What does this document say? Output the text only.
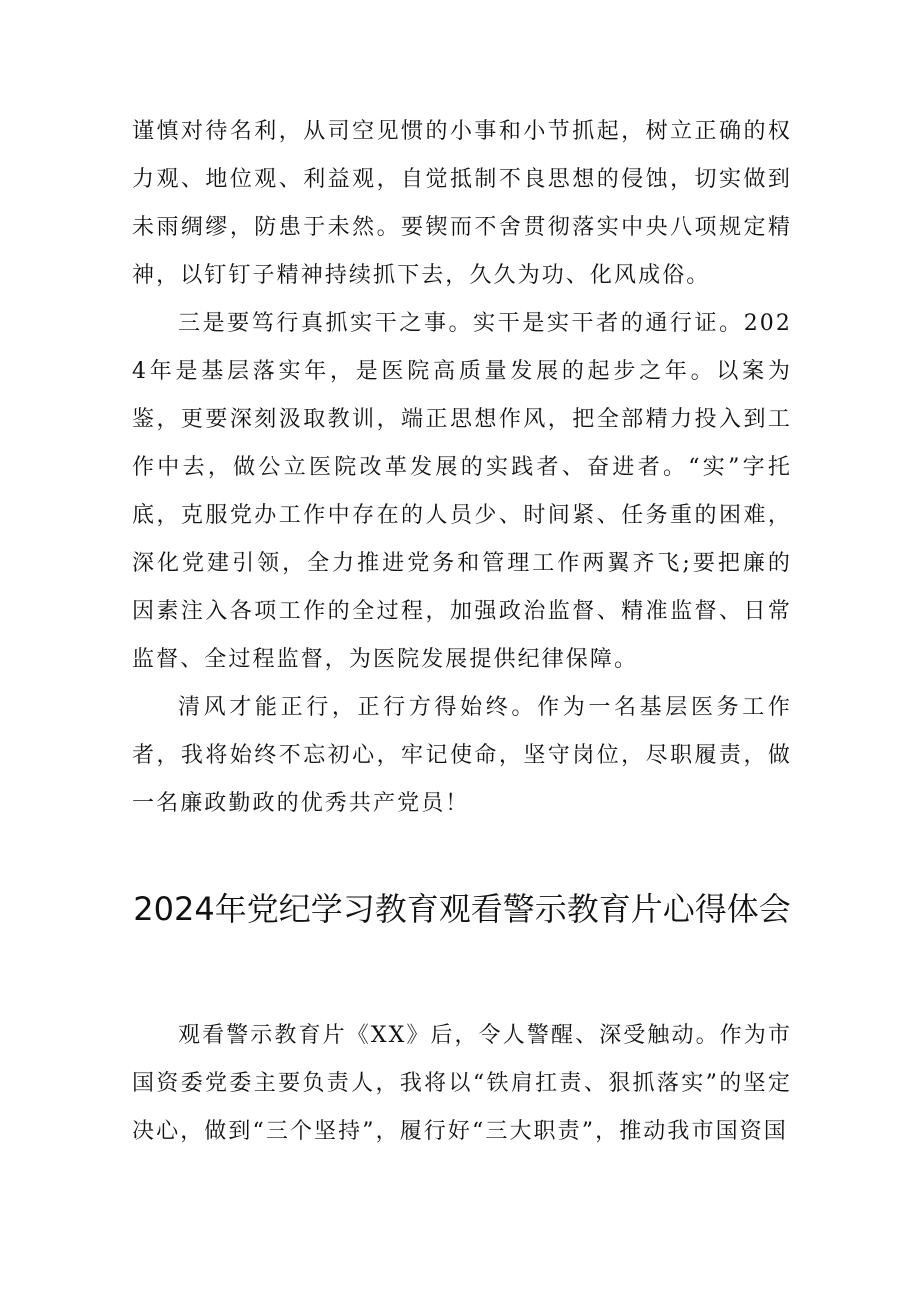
谨慎对待名利，从司空见惯的小事和小节抓起，树立正确的权力观、地位观、利益观，自觉抵制不良思想的侵蚀，切实做到未雨绸缪，防患于未然。要锲而不舍贯彻落实中央八项规定精神，以钉钉子精神持续抓下去，久久为功、化风成俗。

三是要笃行真抓实干之事。实干是实干者的通行证。2024年是基层落实年，是医院高质量发展的起步之年。以案为鉴，更要深刻汲取教训，端正思想作风，把全部精力投入到工作中去，做公立医院改革发展的实践者、奋进者。“实”字托底，克服党办工作中存在的人员少、时间紧、任务重的困难，深化党建引领，全力推进党务和管理工作两翼齐飞;要把廉的因素注入各项工作的全过程，加强政治监督、精准监督、日常监督、全过程监督，为医院发展提供纪律保障。

清风才能正行，正行方得始终。作为一名基层医务工作者，我将始终不忘初心，牢记使命，坚守岗位，尽职履责，做一名廉政勤政的优秀共产党员！

2024年党纪学习教育观看警示教育片心得体会

观看警示教育片《XX》后，令人警醒、深受触动。作为市国资委党委主要负责人，我将以“铁肩扛责、狠抓落实”的坚定决心，做到“三个坚持”，履行好“三大职责”，推动我市国资国
